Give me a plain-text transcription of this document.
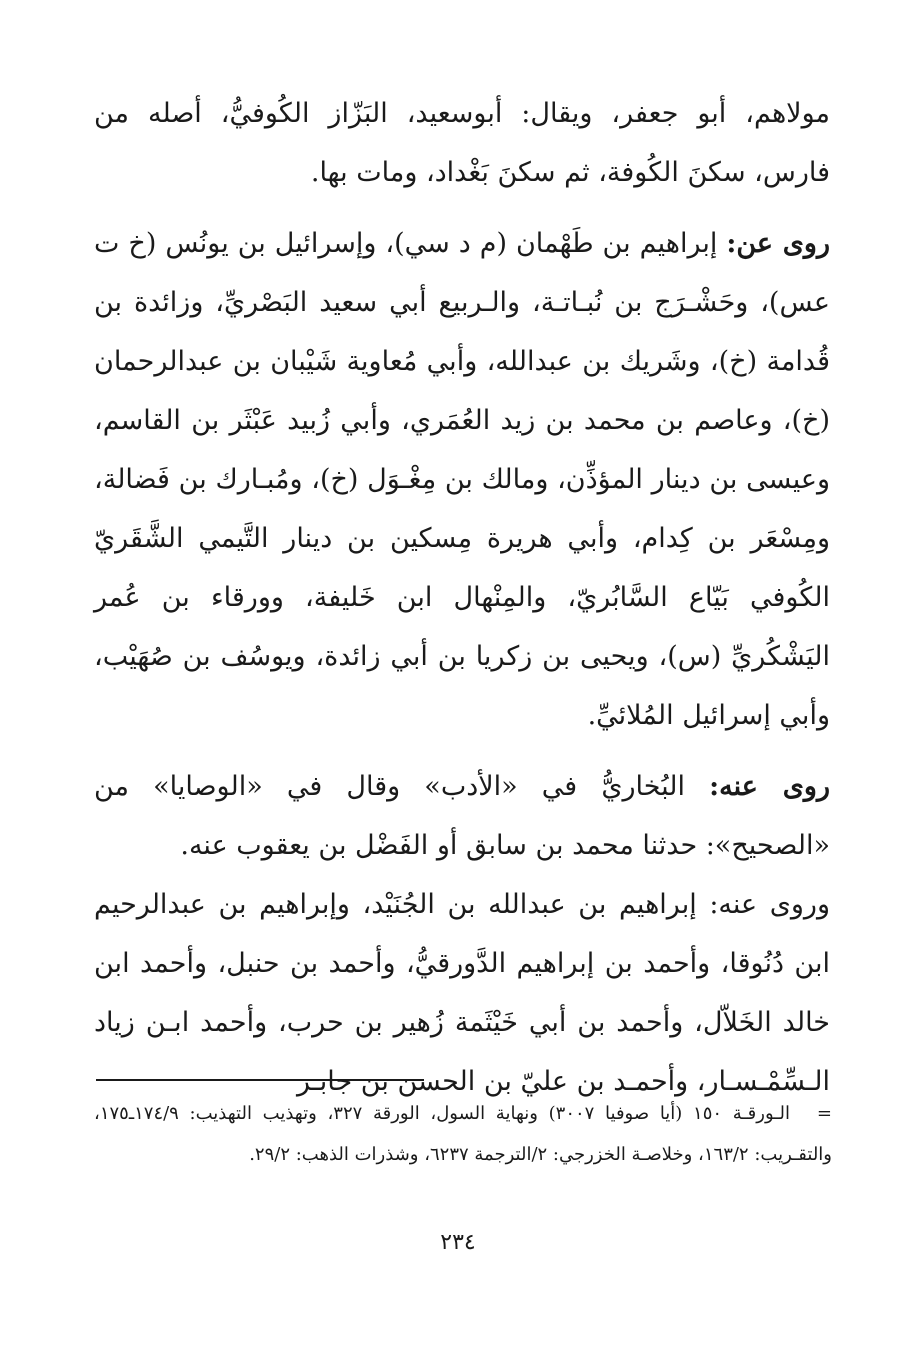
مولاهم، أبو جعفر، ويقال: أبوسعيد، البَزّاز الكُوفيُّ، أصله من فارس، سكنَ الكُوفة، ثم سكنَ بَغْداد، ومات بها.

روى عن: إبراهيم بن طَهْمان (م د سي)، وإسرائيل بن يونُس (خ ت عس)، وحَشْـرَج بن نُبـاتـة، والـربيع أبي سعيد البَصْريِّ، وزائدة بن قُدامة (خ)، وشَريك بن عبدالله، وأبي مُعاوية شَيْبان بن عبدالرحمان (خ)، وعاصم بن محمد بن زيد العُمَري، وأبي زُبيد عَبْثَر بن القاسم، وعيسى بن دينار المؤذِّن، ومالك بن مِغْـوَل (خ)، ومُبـارك بن فَضالة، ومِسْعَر بن كِدام، وأبي هريرة مِسكين بن دينار التَّيمي الشَّقَريّ الكُوفي بَيّاع السَّابُريّ، والمِنْهال ابن خَليفة، وورقاء بن عُمر اليَشْكُريِّ (س)، ويحيى بن زكريا بن أبي زائدة، ويوسُف بن صُهَيْب، وأبي إسرائيل المُلائيِّ.

روى عنه: البُخاريُّ في «الأدب» وقال في «الوصايا» من «الصحيح»: حدثنا محمد بن سابق أو الفَضْل بن يعقوب عنه.

وروى عنه: إبراهيم بن عبدالله بن الجُنَيْد، وإبراهيم بن عبدالرحيم ابن دُنُوقا، وأحمد بن إبراهيم الدَّورقيُّ، وأحمد بن حنبل، وأحمد ابن خالد الخَلاّل، وأحمد بن أبي خَيْثَمة زُهير بن حرب، وأحمد ابـن زياد الـسِّمْـسـار، وأحمـد بن عليّ بن الحسن بن جابـر

=
الـورقـة ١٥٠ (أيا صوفيا ٣٠٠٧) ونهاية السول، الورقة ٣٢٧، وتهذيب التهذيب: ١٧٤/٩ـ١٧٥، والتقـريب: ١٦٣/٢، وخلاصـة الخزرجي: ٢/الترجمة ٦٢٣٧، وشذرات الذهب: ٢٩/٢.
٢٣٤
